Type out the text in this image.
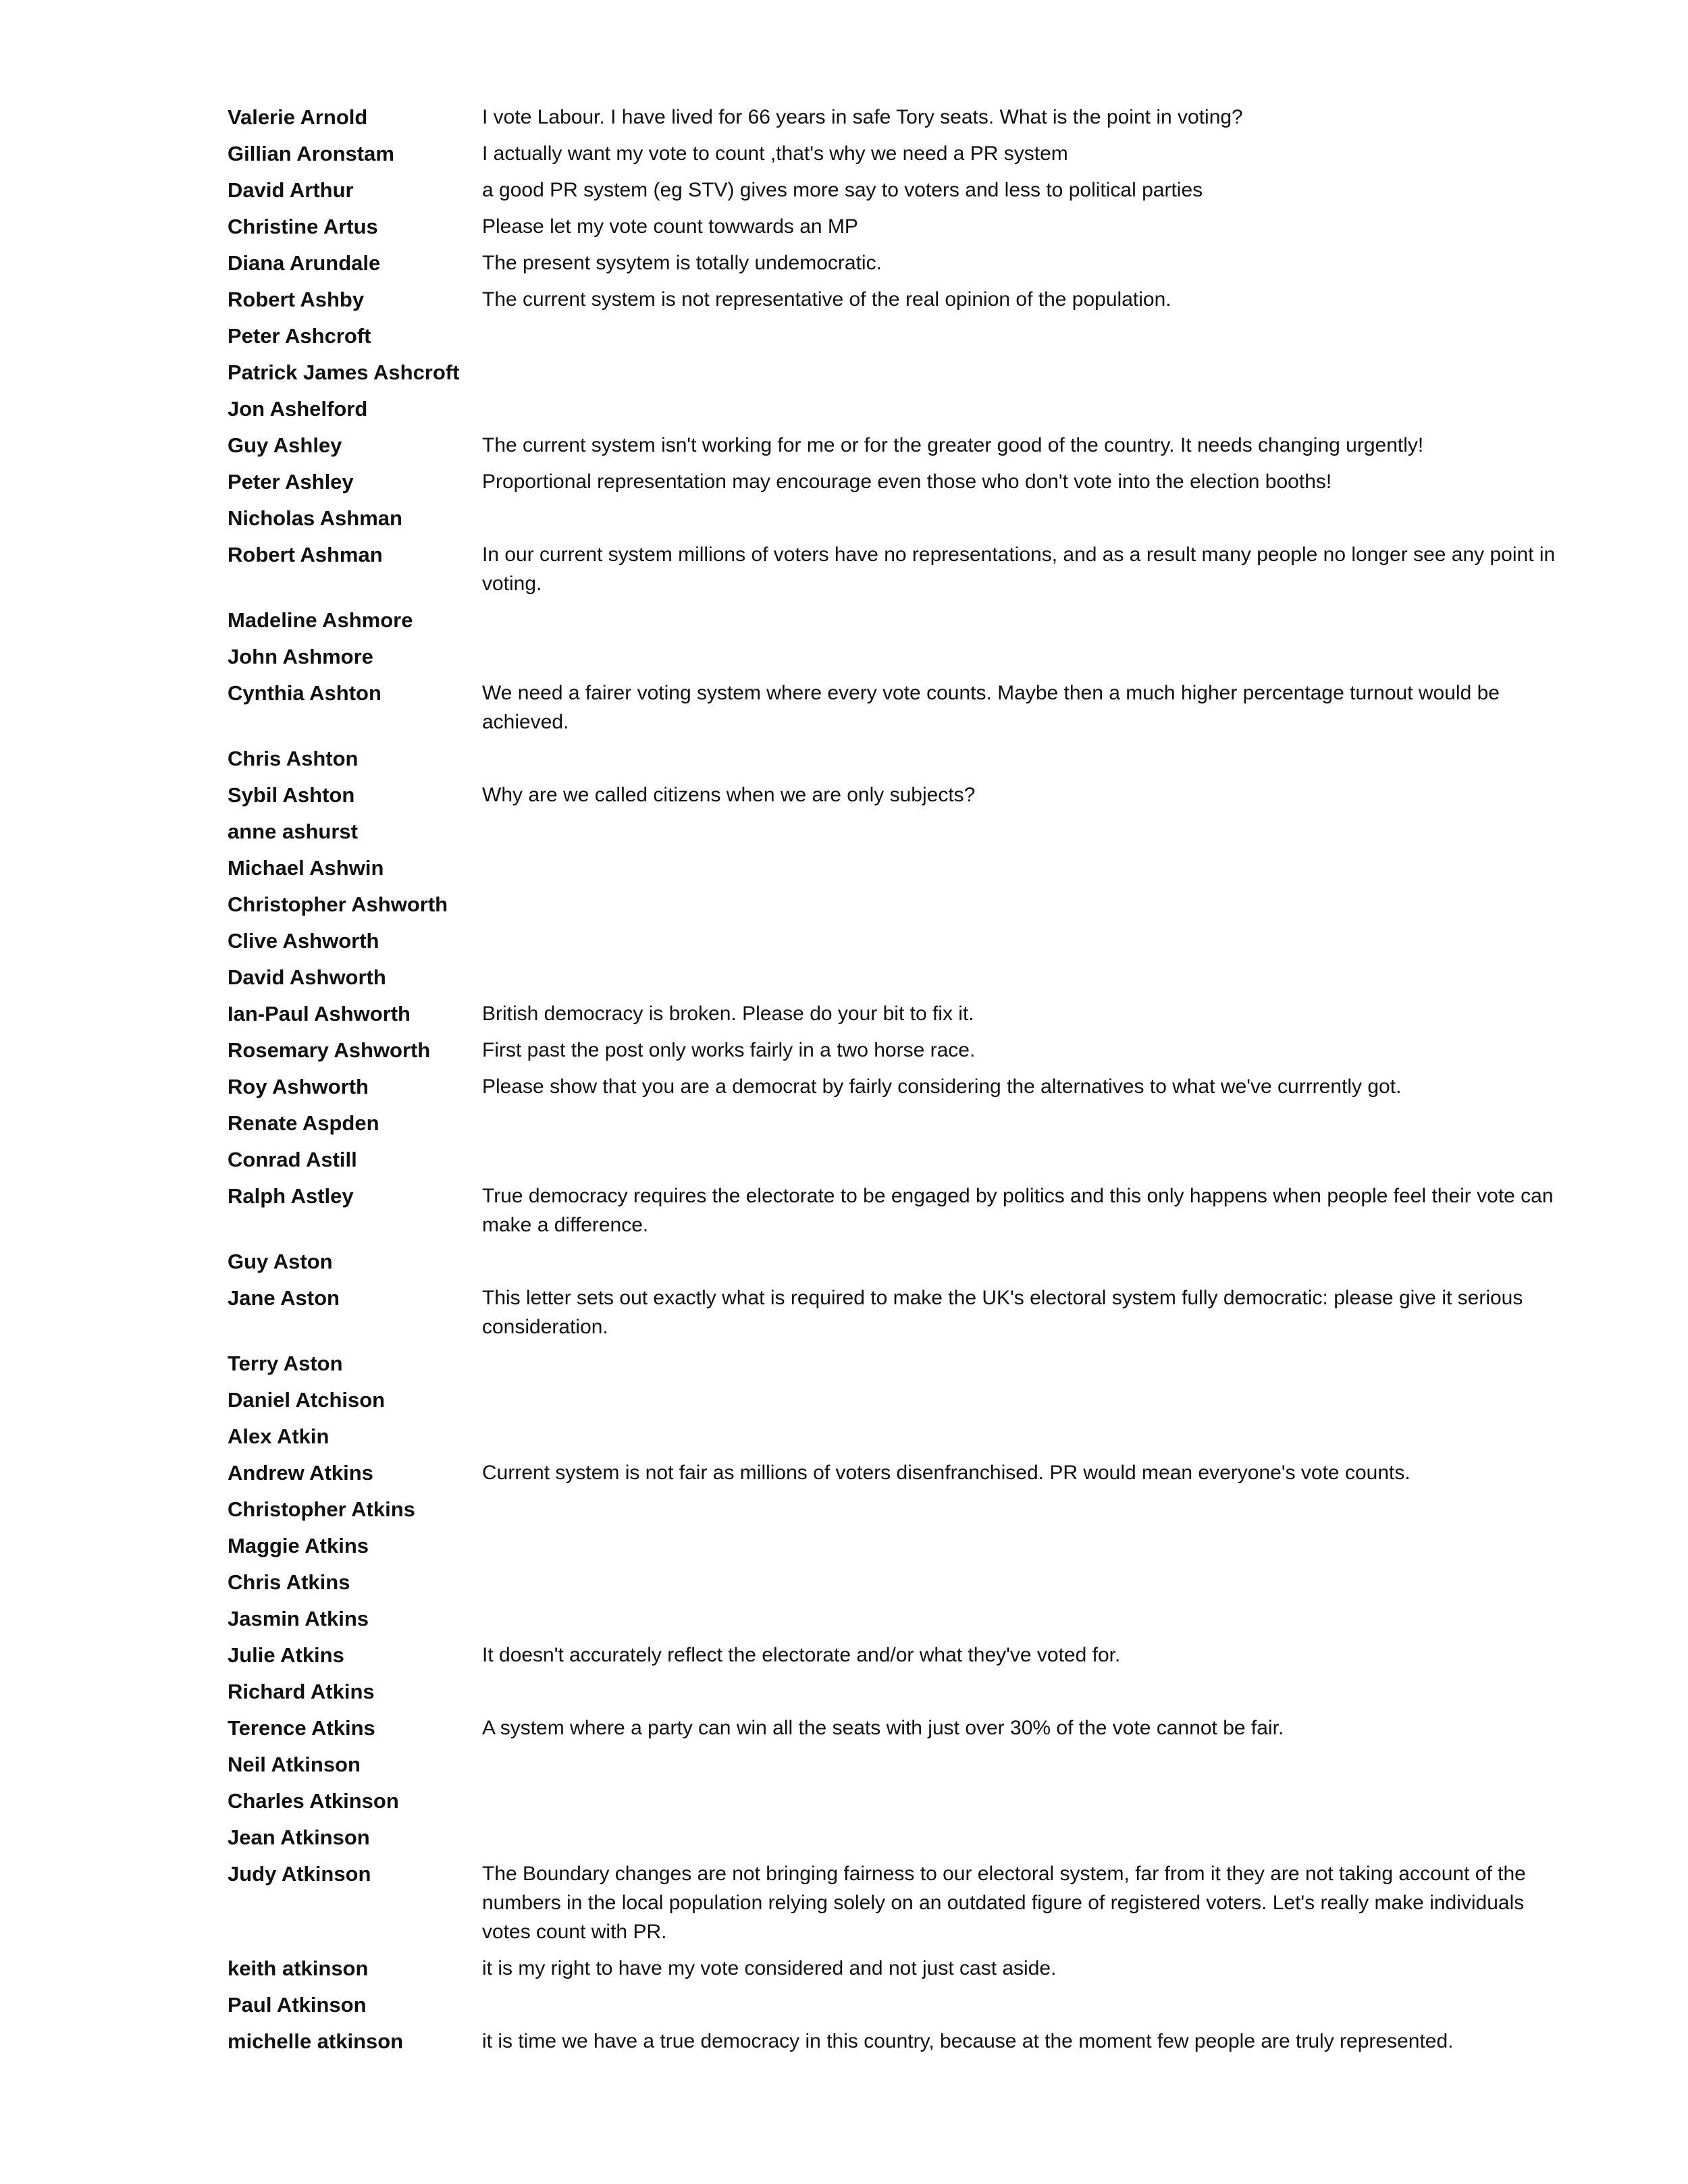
Valerie Arnold	I vote Labour. I have lived for 66 years in safe Tory seats. What is the point in voting?
Gillian Aronstam	I actually want my vote to count ,that's why we need a PR system
David Arthur	a good PR system (eg STV) gives more say to voters and less to political parties
Christine Artus	Please let my vote count towwards an MP
Diana Arundale	The present sysytem is totally undemocratic.
Robert Ashby	The current system is not representative of the real opinion of the population.
Peter Ashcroft
Patrick James Ashcroft
Jon Ashelford
Guy Ashley	The current system isn't working for me or for the greater good of the country. It needs changing urgently!
Peter Ashley	Proportional representation may encourage even those who don't vote into the election booths!
Nicholas Ashman
Robert Ashman	In our current system millions of voters have no representations, and as a result many people no longer see any point in voting.
Madeline Ashmore
John Ashmore
Cynthia Ashton	We need a fairer voting system where every vote counts. Maybe then a much higher percentage turnout would be achieved.
Chris Ashton
Sybil Ashton	Why are we called citizens when we are only subjects?
anne ashurst
Michael Ashwin
Christopher Ashworth
Clive Ashworth
David Ashworth
Ian-Paul Ashworth	British democracy is broken. Please do your bit to fix it.
Rosemary Ashworth	First past the post only works fairly in a two horse race.
Roy Ashworth	Please show that you are a democrat by fairly considering the alternatives to what we've currrently got.
Renate Aspden
Conrad Astill
Ralph Astley	True democracy requires the electorate to be engaged by politics and this only happens when people feel their vote can make a difference.
Guy Aston
Jane Aston	This letter sets out exactly what is required to make the UK's electoral system fully democratic: please give it serious consideration.
Terry Aston
Daniel Atchison
Alex Atkin
Andrew Atkins	Current system is not fair as millions of voters disenfranchised. PR would mean everyone's vote counts.
Christopher Atkins
Maggie Atkins
Chris Atkins
Jasmin Atkins
Julie Atkins	It doesn't accurately reflect the electorate and/or what they've voted for.
Richard Atkins
Terence Atkins	A system where a party can win all the seats with just over 30% of the vote cannot be fair.
Neil Atkinson
Charles Atkinson
Jean Atkinson
Judy Atkinson	The Boundary changes are not bringing fairness to our electoral system, far from it they are not taking account of the numbers in the local population relying solely on an outdated figure of registered voters. Let's really make individuals votes count with PR.
keith atkinson	it is my right to have my vote considered and not just cast aside.
Paul Atkinson
michelle atkinson	it is time we have a true democracy in this country, because at the moment few people are truly represented.
